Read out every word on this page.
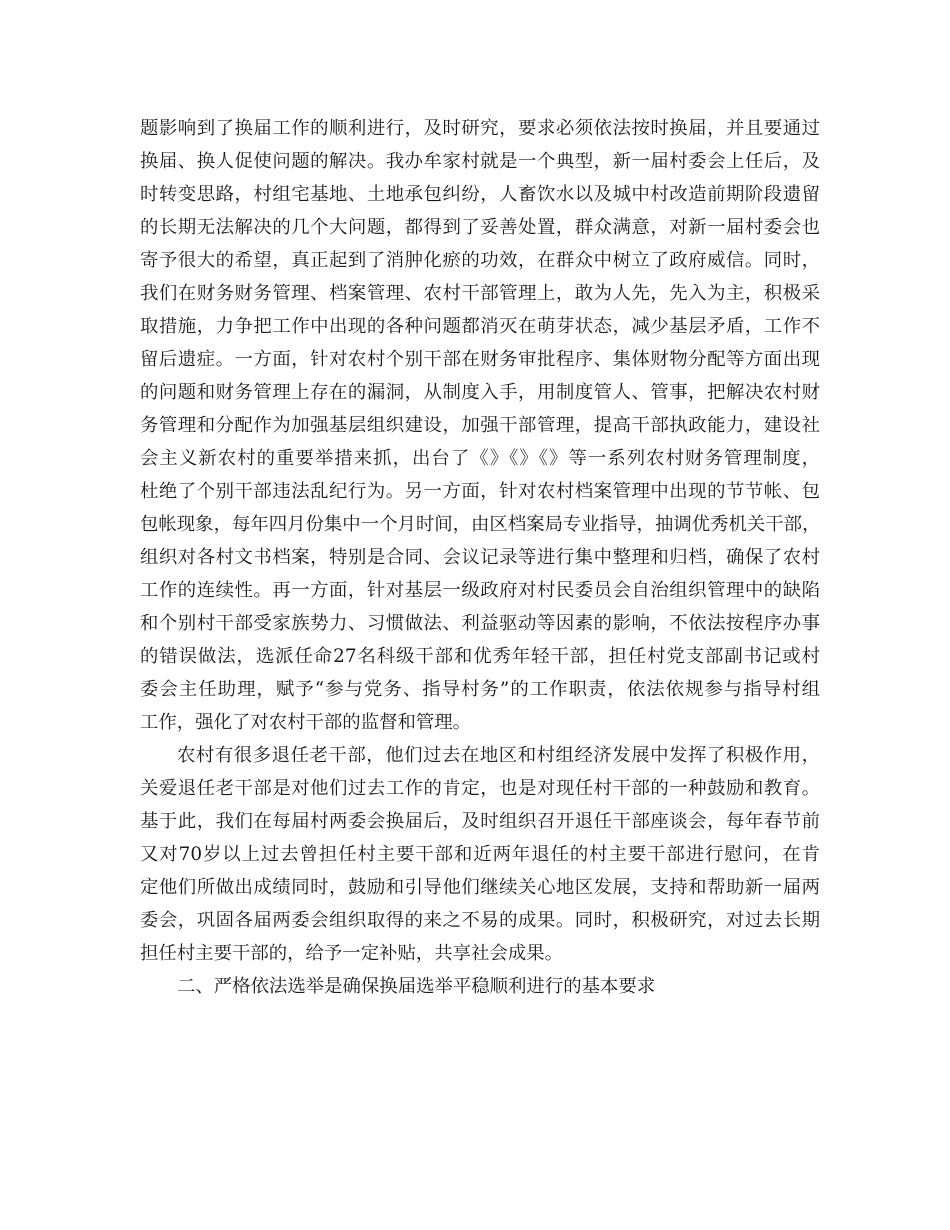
题影响到了换届工作的顺利进行，及时研究，要求必须依法按时换届，并且要通过
换届、换人促使问题的解决。我办牟家村就是一个典型，新一届村委会上任后，及
时转变思路，村组宅基地、土地承包纠纷，人畜饮水以及城中村改造前期阶段遗留
的长期无法解决的几个大问题，都得到了妥善处置，群众满意，对新一届村委会也
寄予很大的希望，真正起到了消肿化瘀的功效，在群众中树立了政府威信。同时，
我们在财务财务管理、档案管理、农村干部管理上，敢为人先，先入为主，积极采
取措施，力争把工作中出现的各种问题都消灭在萌芽状态，减少基层矛盾，工作不
留后遗症。一方面，针对农村个别干部在财务审批程序、集体财物分配等方面出现
的问题和财务管理上存在的漏洞，从制度入手，用制度管人、管事，把解决农村财
务管理和分配作为加强基层组织建设，加强干部管理，提高干部执政能力，建设社
会主义新农村的重要举措来抓，出台了《》《》《》等一系列农村财务管理制度，
杜绝了个别干部违法乱纪行为。另一方面，针对农村档案管理中出现的节节帐、包
包帐现象，每年四月份集中一个月时间，由区档案局专业指导，抽调优秀机关干部，
组织对各村文书档案，特别是合同、会议记录等进行集中整理和归档，确保了农村
工作的连续性。再一方面，针对基层一级政府对村民委员会自治组织管理中的缺陷
和个别村干部受家族势力、习惯做法、利益驱动等因素的影响，不依法按程序办事
的错误做法，选派任命27名科级干部和优秀年轻干部，担任村党支部副书记或村
委会主任助理，赋予“参与党务、指导村务”的工作职责，依法依规参与指导村组
工作，强化了对农村干部的监督和管理。
农村有很多退任老干部，他们过去在地区和村组经济发展中发挥了积极作用，
关爱退任老干部是对他们过去工作的肯定，也是对现任村干部的一种鼓励和教育。
基于此，我们在每届村两委会换届后，及时组织召开退任干部座谈会，每年春节前
又对70岁以上过去曾担任村主要干部和近两年退任的村主要干部进行慰问，在肯
定他们所做出成绩同时，鼓励和引导他们继续关心地区发展，支持和帮助新一届两
委会，巩固各届两委会组织取得的来之不易的成果。同时，积极研究，对过去长期
担任村主要干部的，给予一定补贴，共享社会成果。
二、严格依法选举是确保换届选举平稳顺利进行的基本要求
